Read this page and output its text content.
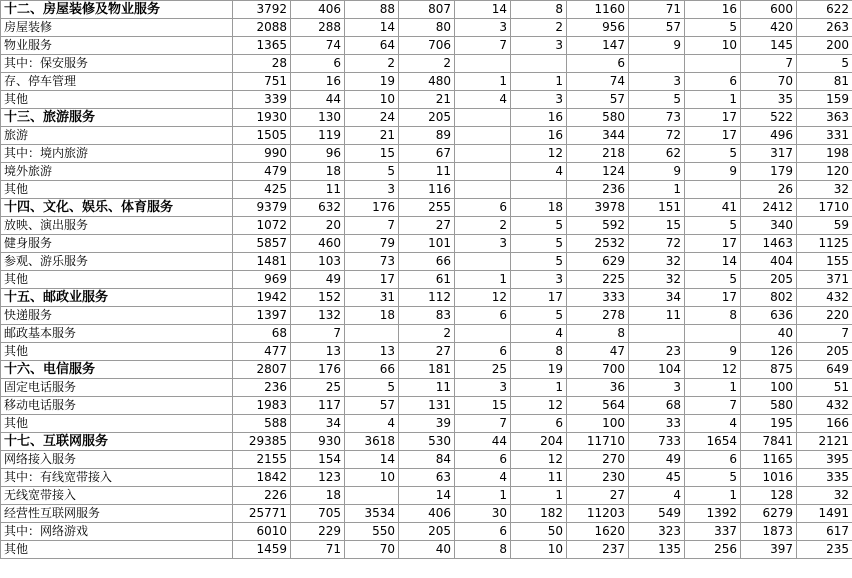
十二、房屋装修及物业服务	3792	406	88	807	14	8	1160	71	16	600	622
房屋装修	2088	288	14	80	3	2	956	57	5	420	263
物业服务	1365	74	64	706	7	3	147	9	10	145	200
其中：保安服务	28	6	2	2			6			7	5
存、停车管理	751	16	19	480	1	1	74	3	6	70	81
其他	339	44	10	21	4	3	57	5	1	35	159
十三、旅游服务	1930	130	24	205		16	580	73	17	522	363
旅游	1505	119	21	89		16	344	72	17	496	331
其中：境内旅游	990	96	15	67		12	218	62	5	317	198
境外旅游	479	18	5	11		4	124	9	9	179	120
其他	425	11	3	116			236	1		26	32
十四、文化、娱乐、体育服务	9379	632	176	255	6	18	3978	151	41	2412	1710
放映、演出服务	1072	20	7	27	2	5	592	15	5	340	59
健身服务	5857	460	79	101	3	5	2532	72	17	1463	1125
参观、游乐服务	1481	103	73	66		5	629	32	14	404	155
其他	969	49	17	61	1	3	225	32	5	205	371
十五、邮政业服务	1942	152	31	112	12	17	333	34	17	802	432
快递服务	1397	132	18	83	6	5	278	11	8	636	220
邮政基本服务	68	7		2		4	8			40	7
其他	477	13	13	27	6	8	47	23	9	126	205
十六、电信服务	2807	176	66	181	25	19	700	104	12	875	649
固定电话服务	236	25	5	11	3	1	36	3	1	100	51
移动电话服务	1983	117	57	131	15	12	564	68	7	580	432
其他	588	34	4	39	7	6	100	33	4	195	166
十七、互联网服务	29385	930	3618	530	44	204	11710	733	1654	7841	2121
网络接入服务	2155	154	14	84	6	12	270	49	6	1165	395
其中：有线宽带接入	1842	123	10	63	4	11	230	45	5	1016	335
无线宽带接入	226	18		14	1	1	27	4	1	128	32
经营性互联网服务	25771	705	3534	406	30	182	11203	549	1392	6279	1491
其中：网络游戏	6010	229	550	205	6	50	1620	323	337	1873	617
其他	1459	71	70	40	8	10	237	135	256	397	235
